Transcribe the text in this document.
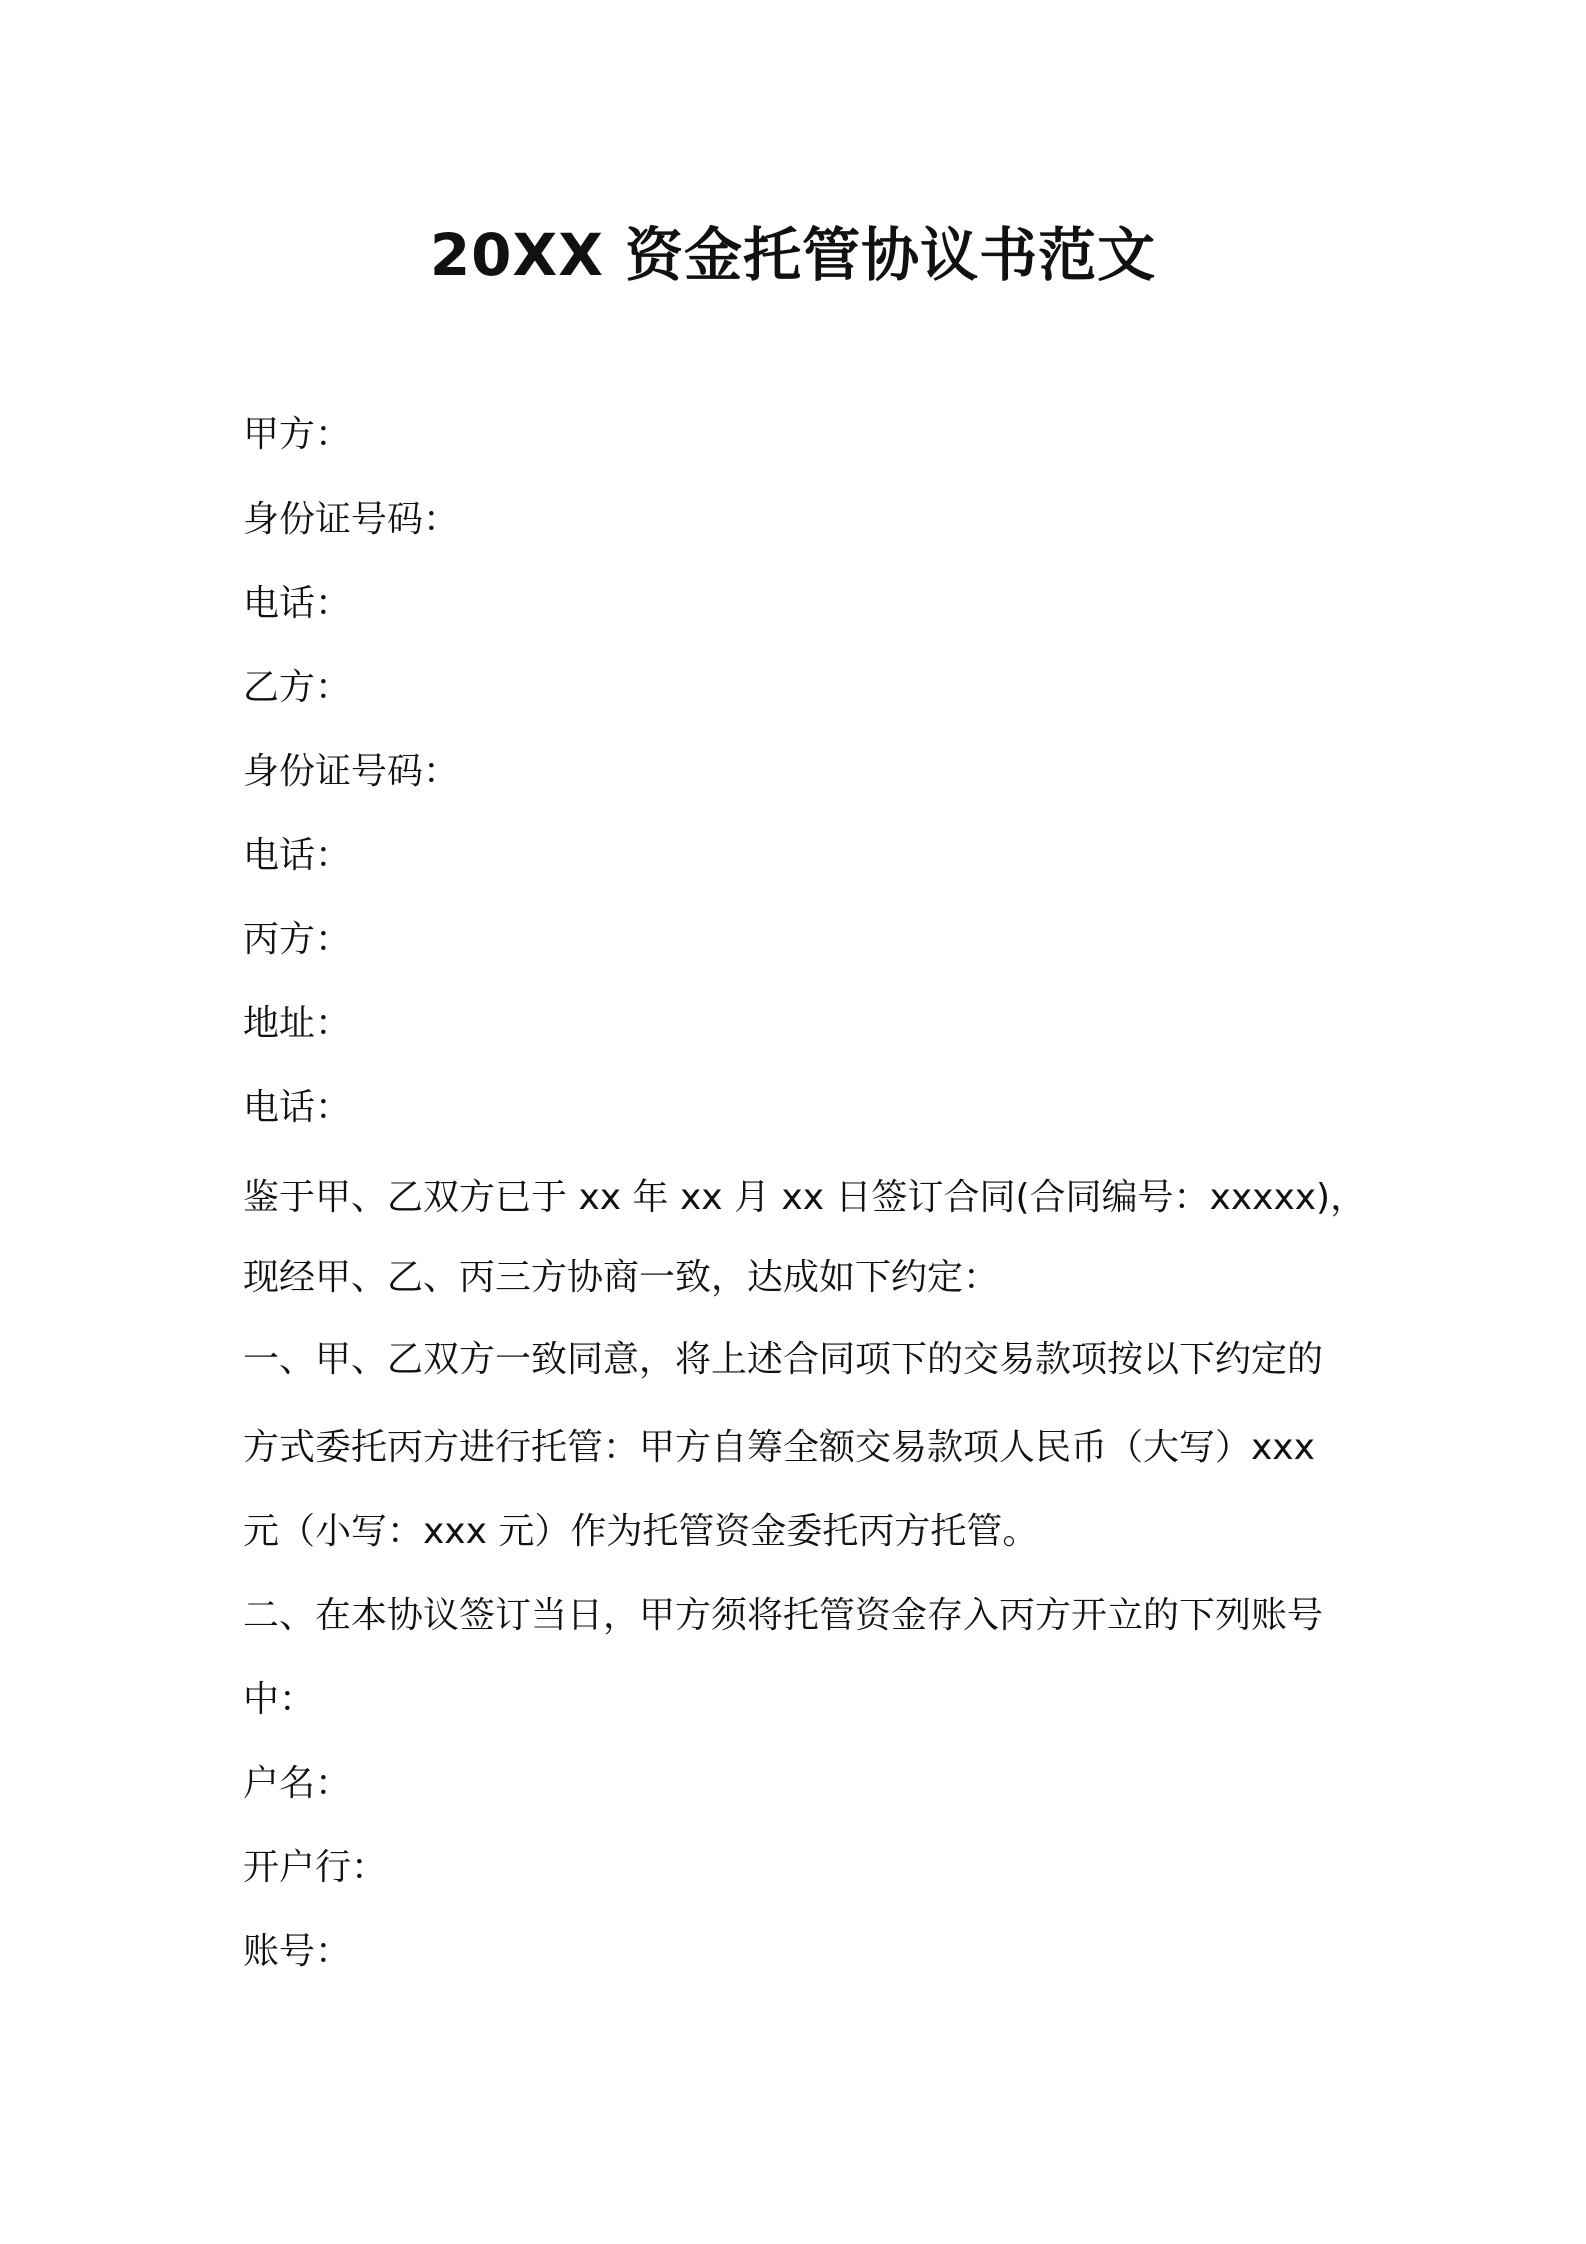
20XX 资金托管协议书范文

甲方：

身份证号码：

电话：

乙方：

身份证号码：

电话：

丙方：

地址：

电话：

鉴于甲、乙双方已于 xx 年 xx 月 xx 日签订合同(合同编号：xxxxx)，

现经甲、乙、丙三方协商一致，达成如下约定：

一、甲、乙双方一致同意，将上述合同项下的交易款项按以下约定的

方式委托丙方进行托管：甲方自筹全额交易款项人民币（大写）xxx

元（小写：xxx 元）作为托管资金委托丙方托管。

二、在本协议签订当日，甲方须将托管资金存入丙方开立的下列账号

中：

户名：

开户行：

账号：
